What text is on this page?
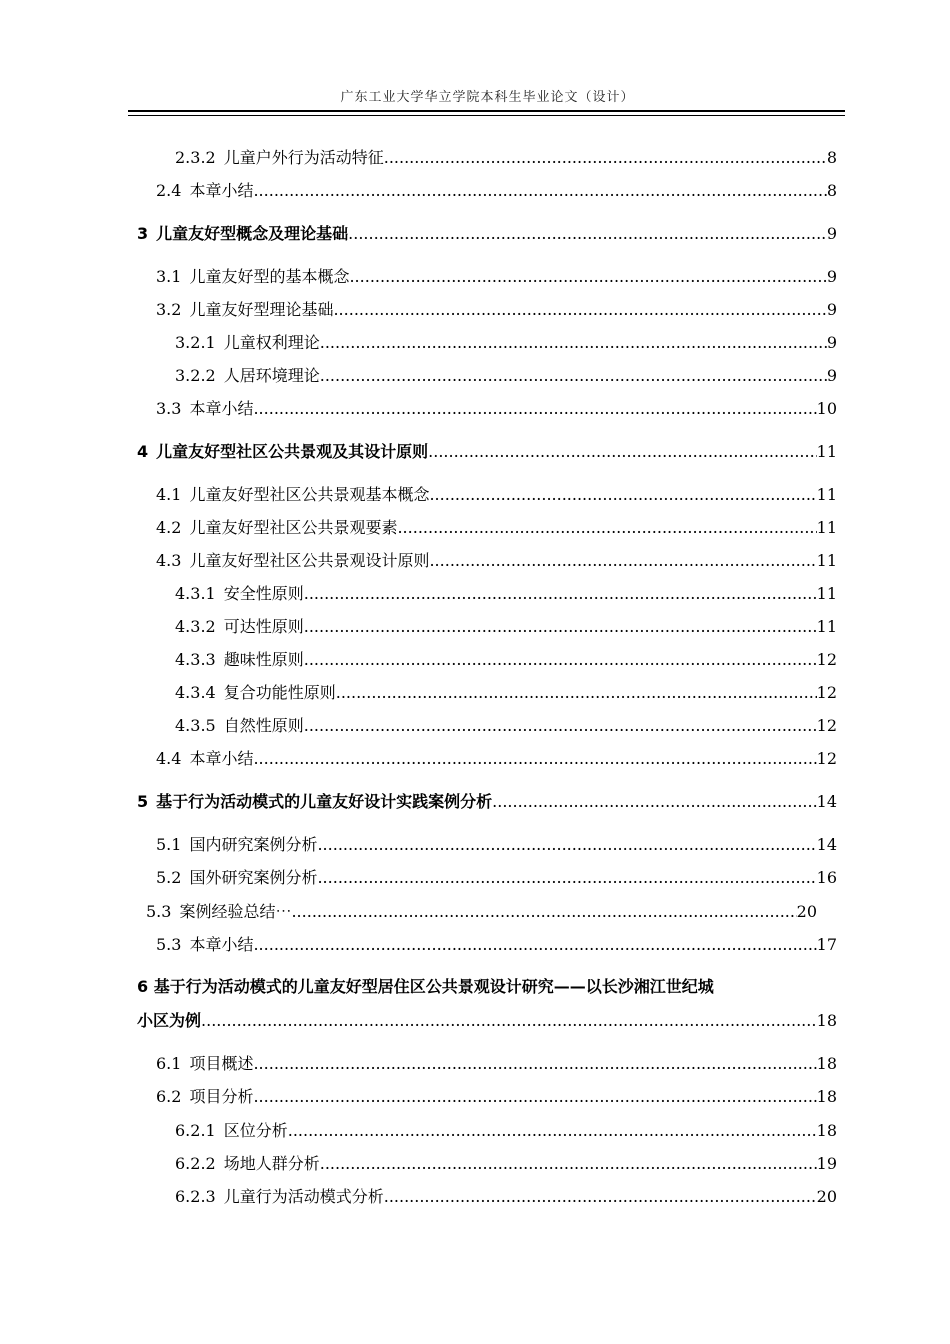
广东工业大学华立学院本科生毕业论文（设计）
2.3.2 儿童户外行为活动特征 .....	8
2.4 本章小结 .....	8
3 儿童友好型概念及理论基础 .....	9
3.1 儿童友好型的基本概念 .....	9
3.2 儿童友好型理论基础 .....	9
3.2.1 儿童权利理论 .....	9
3.2.2 人居环境理论 .....	9
3.3 本章小结 .....	10
4 儿童友好型社区公共景观及其设计原则 .....	11
4.1 儿童友好型社区公共景观基本概念 .....	11
4.2 儿童友好型社区公共景观要素 .....	11
4.3 儿童友好型社区公共景观设计原则 .....	11
4.3.1 安全性原则 .....	11
4.3.2 可达性原则 .....	11
4.3.3 趣味性原则 .....	12
4.3.4 复合功能性原则 .....	12
4.3.5 自然性原则 .....	12
4.4 本章小结 .....	12
5 基于行为活动模式的儿童友好设计实践案例分析 .....	14
5.1 国内研究案例分析 .....	14
5.2 国外研究案例分析 .....	16
5.3 案例经验总结⋯ .....	20
5.3 本章小结 .....	17
6 基于行为活动模式的儿童友好型居住区公共景观设计研究——以长沙湘江世纪城
小区为例 .....	18
6.1 项目概述 .....	18
6.2 项目分析 .....	18
6.2.1 区位分析 .....	18
6.2.2 场地人群分析 .....	19
6.2.3 儿童行为活动模式分析 .....	20
